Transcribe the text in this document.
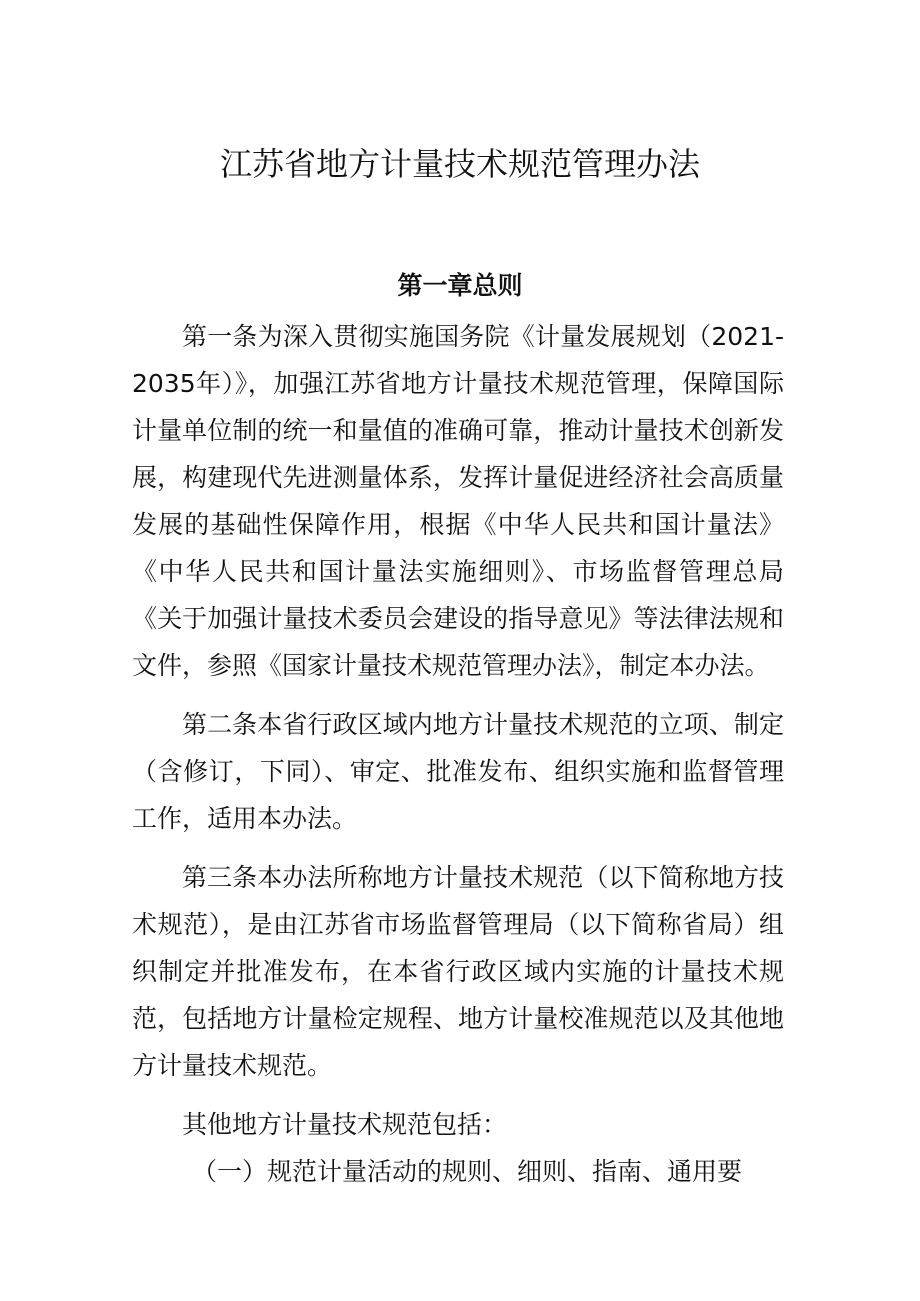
江苏省地方计量技术规范管理办法
第一章总则

第一条为深入贯彻实施国务院《计量发展规划（2021-2035年）》，加强江苏省地方计量技术规范管理，保障国际计量单位制的统一和量值的准确可靠，推动计量技术创新发展，构建现代先进测量体系，发挥计量促进经济社会高质量发展的基础性保障作用，根据《中华人民共和国计量法》《中华人民共和国计量法实施细则》、市场监督管理总局《关于加强计量技术委员会建设的指导意见》等法律法规和文件，参照《国家计量技术规范管理办法》，制定本办法。

第二条本省行政区域内地方计量技术规范的立项、制定（含修订，下同）、审定、批准发布、组织实施和监督管理工作，适用本办法。

第三条本办法所称地方计量技术规范（以下简称地方技术规范），是由江苏省市场监督管理局（以下简称省局）组织制定并批准发布，在本省行政区域内实施的计量技术规范，包括地方计量检定规程、地方计量校准规范以及其他地方计量技术规范。

其他地方计量技术规范包括：

（一）规范计量活动的规则、细则、指南、通用要
